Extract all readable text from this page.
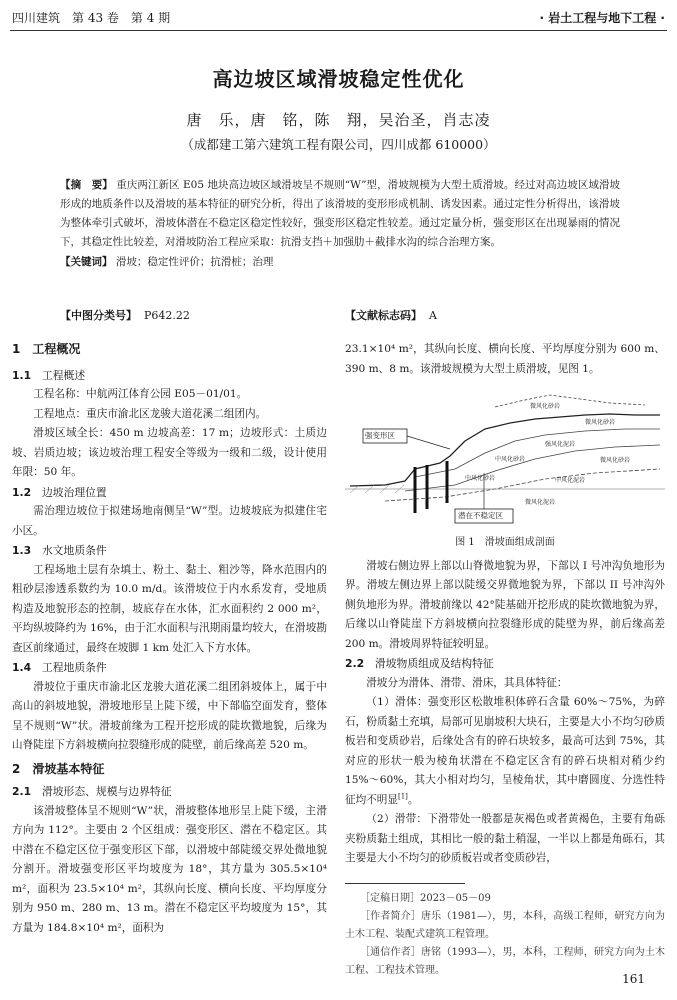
四川建筑　第 43 卷　第 4 期	· 岩土工程与地下工程 ·
高边坡区域滑坡稳定性优化
唐　乐，唐　铭，陈　翔，吴治圣，肖志凌
（成都建工第六建筑工程有限公司，四川成都 610000）
【摘　要】 重庆两江新区 E05 地块高边坡区域滑坡呈不规则“W”型，滑坡规模为大型土质滑坡。经过对高边坡区域滑坡形成的地质条件以及滑坡的基本特征的研究分析，得出了该滑坡的变形形成机制、诱发因素。通过定性分析得出，该滑坡为整体牵引式破坏，滑坡体潜在不稳定区稳定性较好，强变形区稳定性较差。通过定量分析，强变形区在出现暴雨的情况下，其稳定性比较差，对滑坡防治工程应采取：抗滑支挡＋加强肋＋截排水沟的综合治理方案。
【关键词】 滑坡；稳定性评价；抗滑桩；治理
【中图分类号】 P642.22	【文献标志码】 A
1　工程概况
1.1　 工程概述

工程名称：中航两江体育公园 E05－01/01。

工程地点：重庆市渝北区龙骏大道花溪二组团内。

滑坡区域全长：450 m 边坡高差：17 m；边坡形式：土质边坡、岩质边坡；该边坡治理工程安全等级为一级和二级，设计使用年限：50 年。

1.2　 边坡治理位置

需治理边坡位于拟建场地南侧呈“W”型。边坡坡底为拟建住宅小区。

1.3　 水文地质条件

工程场地土层有杂填土、粉土、黏土、粗沙等，降水范围内的粗砂层渗透系数约为 10.0 m/d。该滑坡位于内水系发育，受地质构造及地貌形态的控制，坡底存在水体，汇水面积约 2 000 m²，平均纵坡降约为 16%，由于汇水面积与汛期雨量均较大，在滑坡勘查区前缘通过，最终在坡脚 1 km 处汇入下方水体。

1.4　 工程地质条件

滑坡位于重庆市渝北区龙骏大道花溪二组团斜坡体上，属于中高山的斜坡地貌，滑坡地形呈上陡下缓，中下部临空面发育，整体呈不规则“W”状。滑坡前缘为工程开挖形成的陡坎微地貌，后缘为山脊陡崖下方斜坡横向拉裂缝形成的陡壁，前后缘高差 520 m。

2　滑坡基本特征
2.1　 滑坡形态、规模与边界特征

该滑坡整体呈不规则“W”状，滑坡整体地形呈上陡下缓，主滑方向为 112°。主要由 2 个区组成：强变形区、潜在不稳定区。其中潜在不稳定区位于强变形区下部，以滑坡中部陡缓交界处微地貌分割开。滑坡强变形区平均坡度为 18°，其方量为 305.5×10⁴ m²，面积为 23.5×10⁴ m²，其纵向长度、横向长度、平均厚度分别为 950 m、280 m、13 m。潜在不稳定区平均坡度为 15°，其方量为 184.8×10⁴ m²，面积为

23.1×10⁴ m²，其纵向长度、横向长度、平均厚度分别为 600 m、390 m、8 m。该滑坡规模为大型土质滑坡，见图 1。

强变形区
潜在不稳定区
微风化砂岩
微风化砂岩
强风化泥岩
中风化砂岩	微风化砂岩
中风化砂岩	中风化泥岩
微风化泥岩
图 1　滑坡面组成剖面

滑坡右侧边界上部以山脊微地貌为界，下部以 I 号冲沟负地形为界。滑坡左侧边界上部以陡缓交界微地貌为界，下部以 II 号冲沟外侧负地形为界。滑坡前缘以 42°陡基础开挖形成的陡坎微地貌为界，后缘以山脊陡崖下方斜坡横向拉裂缝形成的陡壁为界，前后缘高差 200 m。滑坡周界特征较明显。

2.2　 滑坡物质组成及结构特征

滑坡分为滑体、滑带、滑床，其具体特征：

（1）滑体：强变形区松散堆积体碎石含量 60%～75%，为碎石，粉质黏土充填，局部可见崩坡积大块石，主要是大小不均匀砂质板岩和变质砂岩，后缘处含有的碎石块较多，最高可达到 75%，其对应的形状一般为棱角状潜在不稳定区含有的碎石块相对稍少约 15%～60%，其大小相对均匀，呈棱角状，其中磨圆度、分选性特征均不明显[1]。

（2）滑带：下滑带处一般都是灰褐色或者黄褐色，主要有角砾夹粉质黏土组成，其相比一般的黏土稍湿，一半以上都是角砾石，其主要是大小不均匀的砂质板岩或者变质砂岩，

［定稿日期］2023－05－09
［作者简介］唐乐（1981—），男，本科，高级工程师，研究方向为土木工程、装配式建筑工程管理。
［通信作者］唐铭（1993—），男，本科，工程师，研究方向为土木工程、工程技术管理。
161
